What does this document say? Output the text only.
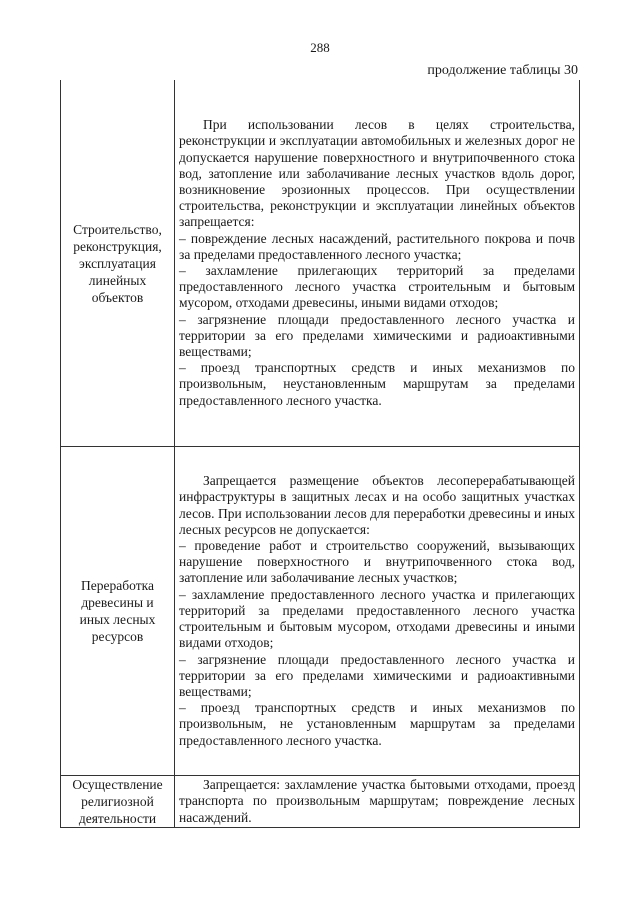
288
продолжение таблицы 30
Строительство, реконструкция, эксплуатация линейных объектов	При использовании лесов в целях строительства, реконструкции и эксплуатации автомобильных и железных дорог не допускается нарушение поверхностного и внутрипочвенного стока вод, затопление или заболачивание лесных участков вдоль дорог, возникновение эрозионных процессов. При осуществлении строительства, реконструкции и эксплуатации линейных объектов запрещается:

– повреждение лесных насаждений, растительного покрова и почв за пределами предоставленного лесного участка;

– захламление прилегающих территорий за пределами предоставленного лесного участка строительным и бытовым мусором, отходами древесины, иными видами отходов;

– загрязнение площади предоставленного лесного участка и территории за его пределами химическими и радиоактивными веществами;

– проезд транспортных средств и иных механизмов по произвольным, неустановленным маршрутам за пределами предоставленного лесного участка.

Переработка древесины и иных лесных ресурсов	Запрещается размещение объектов лесоперерабатывающей инфраструктуры в защитных лесах и на особо защитных участках лесов. При использовании лесов для переработки древесины и иных лесных ресурсов не допускается:

– проведение работ и строительство сооружений, вызывающих нарушение поверхностного и внутрипочвенного стока вод, затопление или заболачивание лесных участков;

– захламление предоставленного лесного участка и прилегающих территорий за пределами предоставленного лесного участка строительным и бытовым мусором, отходами древесины и иными видами отходов;

– загрязнение площади предоставленного лесного участка и территории за его пределами химическими и радиоактивными веществами;

– проезд транспортных средств и иных механизмов по произвольным, не установленным маршрутам за пределами предоставленного лесного участка.

Осуществление религиозной деятельности	Запрещается: захламление участка бытовыми отходами, проезд транспорта по произвольным маршрутам; повреждение лесных насаждений.
